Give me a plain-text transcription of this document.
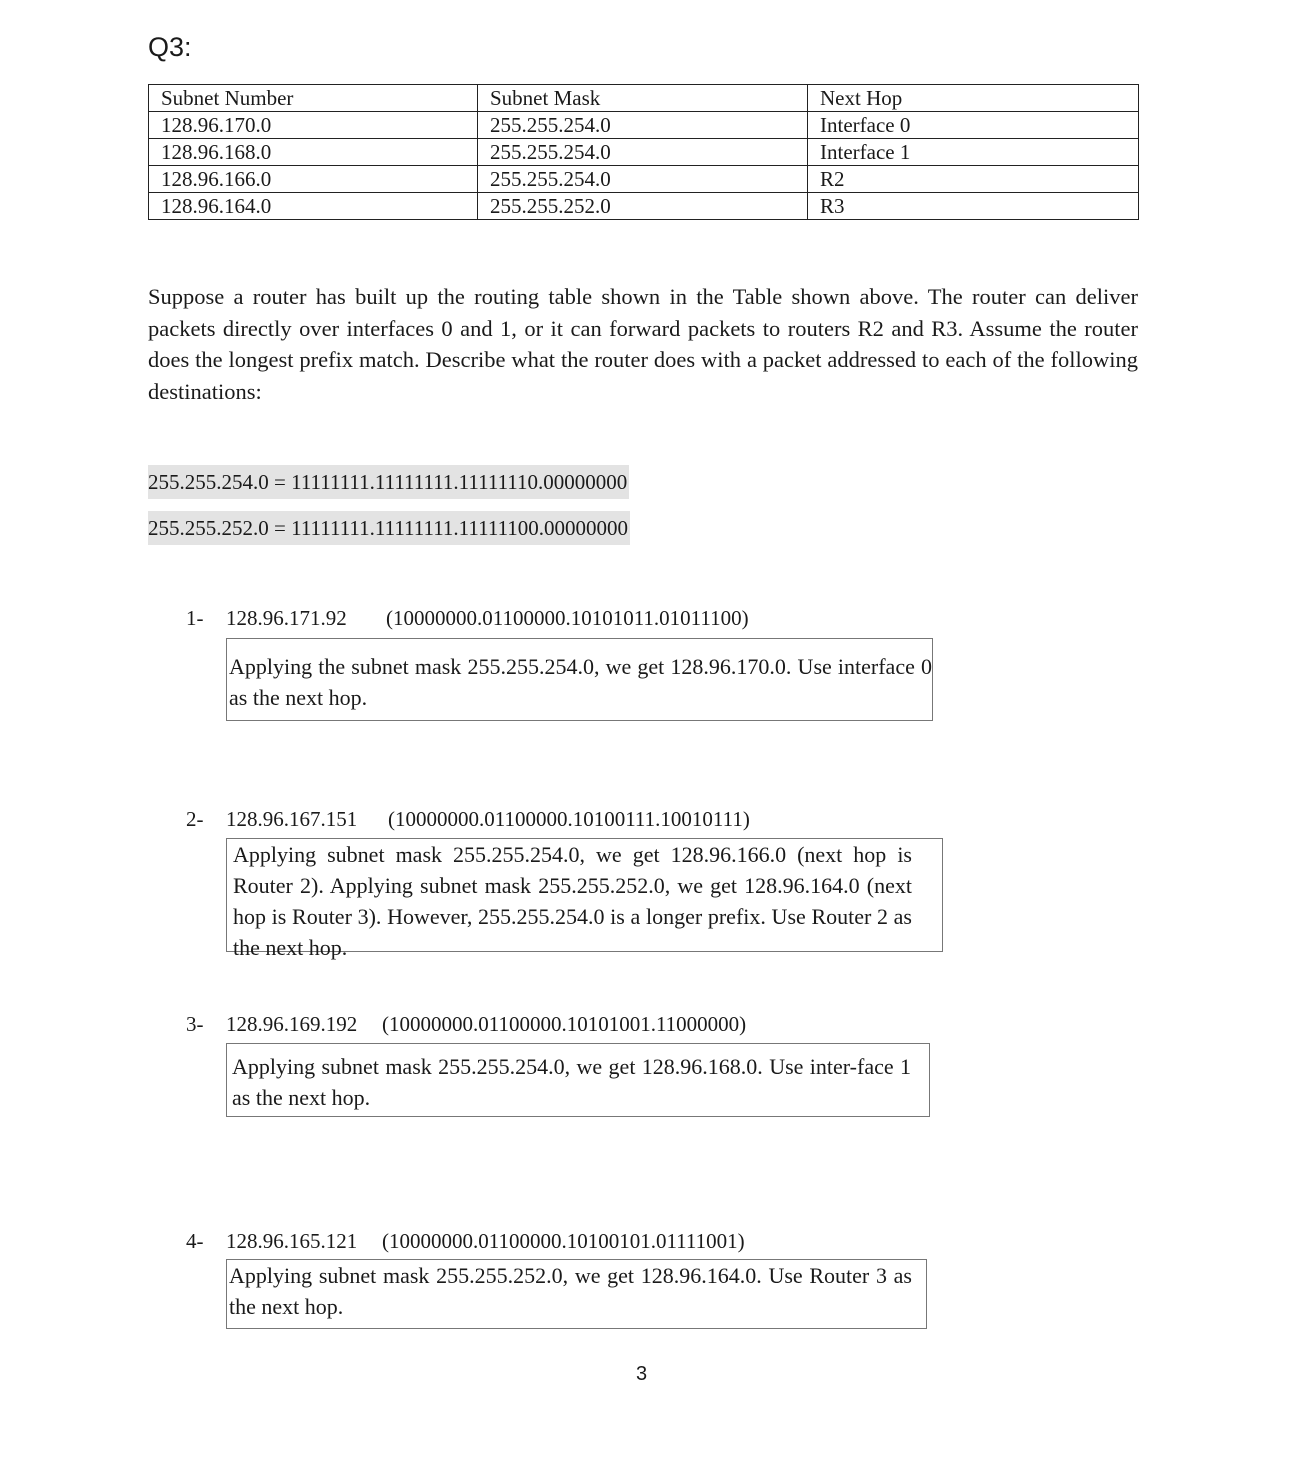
Q3:
Subnet Number	Subnet Mask	Next Hop
128.96.170.0	255.255.254.0	Interface 0
128.96.168.0	255.255.254.0	Interface 1
128.96.166.0	255.255.254.0	R2
128.96.164.0	255.255.252.0	R3

Suppose a router has built up the routing table shown in the Table shown above. The router can deliver packets directly over interfaces 0 and 1, or it can forward packets to routers R2 and R3. Assume the router does the longest prefix match. Describe what the router does with a packet addressed to each of the following destinations:

255.255.254.0 = 11111111.11111111.11111110.00000000
255.255.252.0 = 11111111.11111111.11111100.00000000
1- 128.96.171.92 (10000000.01100000.10101011.01011100)
Applying the subnet mask 255.255.254.0, we get 128.96.170.0. Use interface 0 as the next hop.
2- 128.96.167.151 (10000000.01100000.10100111.10010111)
Applying subnet mask 255.255.254.0, we get 128.96.166.0 (next hop is Router 2). Applying subnet mask 255.255.252.0, we get 128.96.164.0 (next hop is Router 3). However, 255.255.254.0 is a longer prefix. Use Router 2 as the next hop.
3- 128.96.169.192 (10000000.01100000.10101001.11000000)
Applying subnet mask 255.255.254.0, we get 128.96.168.0. Use inter-face 1 as the next hop.
4- 128.96.165.121 (10000000.01100000.10100101.01111001)
Applying subnet mask 255.255.252.0, we get 128.96.164.0. Use Router 3 as the next hop.
3
